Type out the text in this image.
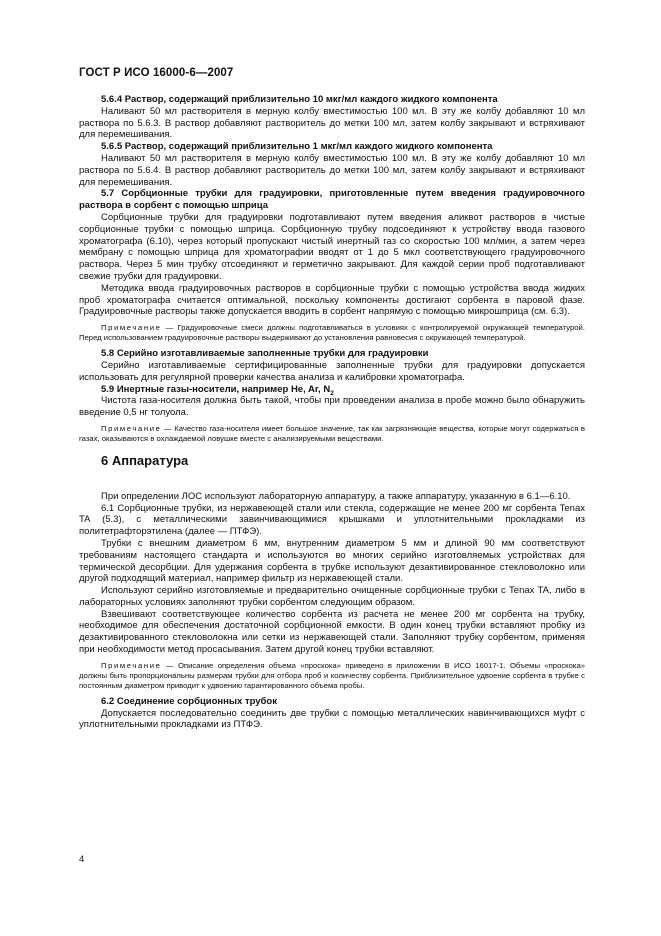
ГОСТ Р ИСО 16000-6—2007

5.6.4 Раствор, содержащий приблизительно 10 мкг/мл каждого жидкого компонента

Наливают 50 мл растворителя в мерную колбу вместимостью 100 мл. В эту же колбу добавляют 10 мл раствора по 5.6.3. В раствор добавляют растворитель до метки 100 мл, затем колбу закрывают и встряхивают для перемешивания.

5.6.5 Раствор, содержащий приблизительно 1 мкг/мл каждого жидкого компонента

Наливают 50 мл растворителя в мерную колбу вместимостью 100 мл. В эту же колбу добавляют 10 мл раствора по 5.6.4. В раствор добавляют растворитель до метки 100 мл, затем колбу закрывают и встряхивают для перемешивания.

5.7 Сорбционные трубки для градуировки, приготовленные путем введения градуировочного раствора в сорбент с помощью шприца

Сорбционные трубки для градуировки подготавливают путем введения аликвот растворов в чистые сорбционные трубки с помощью шприца. Сорбционную трубку подсоединяют к устройству ввода газового хроматографа (6.10), через который пропускают чистый инертный газ со скоростью 100 мл/мин, а затем через мембрану с помощью шприца для хроматографии вводят от 1 до 5 мкл соответствующего градуировочного раствора. Через 5 мин трубку отсоединяют и герметично закрывают. Для каждой серии проб подготавливают свежие трубки для градуировки.

Методика ввода градуировочных растворов в сорбционные трубки с помощью устройства ввода жидких проб хроматографа считается оптимальной, поскольку компоненты достигают сорбента в паровой фазе. Градуировочные растворы также допускается вводить в сорбент напрямую с помощью микрошприца (см. 6.3).

Примечание — Градуировочные смеси должны подготавливаться в условиях с контролируемой окружающей температурой. Перед использованием градуировочные растворы выдерживают до установления равновесия с окружающей температурой.

5.8 Серийно изготавливаемые заполненные трубки для градуировки

Серийно изготавливаемые сертифицированные заполненные трубки для градуировки допускается использовать для регулярной проверки качества анализа и калибровки хроматографа.

5.9 Инертные газы-носители, например He, Ar, $N_2$

Чистота газа-носителя должна быть такой, чтобы при проведении анализа в пробе можно было обнаружить введение 0,5 нг толуола.

Примечание — Качество газа-носителя имеет большое значение, так как загрязняющие вещества, которые могут содержаться в газах, оказываются в охлаждаемой ловушке вместе с анализируемыми веществами.

6 Аппаратура

При определении ЛОС используют лабораторную аппаратуру, а также аппаратуру, указанную в 6.1—6.10.

6.1 Сорбционные трубки, из нержавеющей стали или стекла, содержащие не менее 200 мг сорбента Tenax TA (5.3), с металлическими завинчивающимися крышками и уплотнительными прокладками из политетрафторэтилена (далее — ПТФЭ).

Трубки с внешним диаметром 6 мм, внутренним диаметром 5 мм и длиной 90 мм соответствуют требованиям настоящего стандарта и используются во многих серийно изготовляемых устройствах для термической десорбции. Для удержания сорбента в трубке используют дезактивированное стекловолокно или другой подходящий материал, например фильтр из нержавеющей стали.

Используют серийно изготовляемые и предварительно очищенные сорбционные трубки с Tenax TA, либо в лабораторных условиях заполняют трубки сорбентом следующим образом.

Взвешивают соответствующее количество сорбента из расчета не менее 200 мг сорбента на трубку, необходимое для обеспечения достаточной сорбционной емкости. В один конец трубки вставляют пробку из дезактивированного стекловолокна или сетки из нержавеющей стали. Заполняют трубку сорбентом, применяя при необходимости метод просасывания. Затем другой конец трубки вставляют.

Примечание — Описание определения объема «проскока» приведено в приложении В ИСО 16017-1. Объемы «проскока» должны быть пропорциональны размерам трубки для отбора проб и количеству сорбента. Приблизительное удвоение сорбента в трубке с постоянным диаметром приводит к удвоению гарантированного объема пробы.

6.2 Соединение сорбционных трубок

Допускается последовательно соединить две трубки с помощью металлических навинчивающихся муфт с уплотнительными прокладками из ПТФЭ.

4
